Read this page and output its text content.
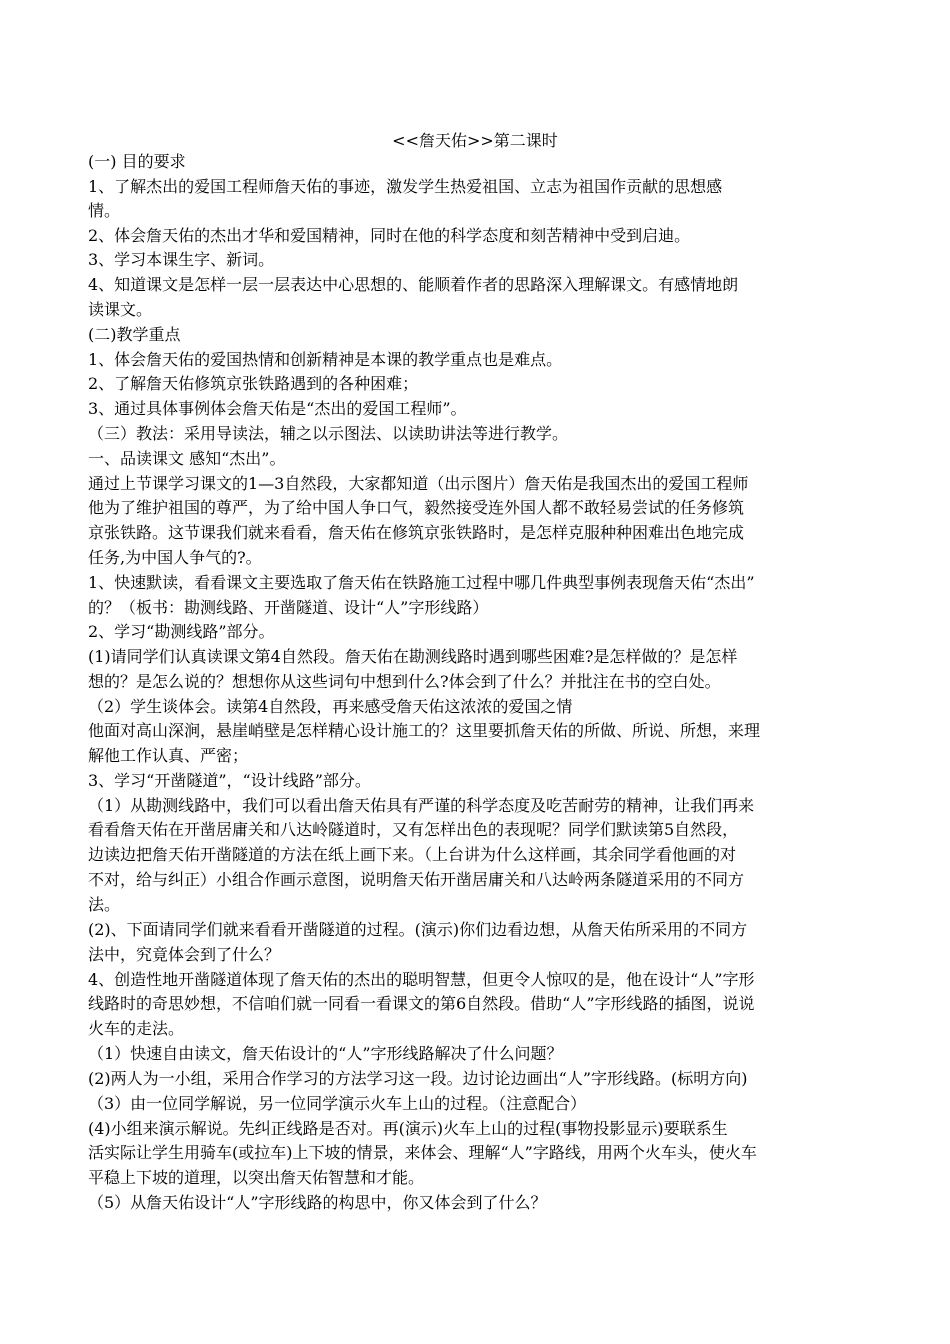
<<詹天佑>>第二课时
(一) 目的要求
1、了解杰出的爱国工程师詹天佑的事迹，激发学生热爱祖国、立志为祖国作贡献的思想感
情。
2、体会詹天佑的杰出才华和爱国精神，同时在他的科学态度和刻苦精神中受到启迪。
3、学习本课生字、新词。
4、知道课文是怎样一层一层表达中心思想的、能顺着作者的思路深入理解课文。有感情地朗
读课文。
(二)教学重点
1、体会詹天佑的爱国热情和创新精神是本课的教学重点也是难点。
2、了解詹天佑修筑京张铁路遇到的各种困难；
3、通过具体事例体会詹天佑是“杰出的爱国工程师”。
（三）教法：采用导读法，辅之以示图法、以读助讲法等进行教学。
一、品读课文 感知“杰出”。
通过上节课学习课文的1—3自然段，大家都知道（出示图片）詹天佑是我国杰出的爱国工程师
他为了维护祖国的尊严，为了给中国人争口气，毅然接受连外国人都不敢轻易尝试的任务修筑
京张铁路。这节课我们就来看看，詹天佑在修筑京张铁路时，是怎样克服种种困难出色地完成
任务,为中国人争气的?。
1、快速默读，看看课文主要选取了詹天佑在铁路施工过程中哪几件典型事例表现詹天佑“杰出”
的？（板书：勘测线路、开凿隧道、设计“人”字形线路）
2、学习“勘测线路”部分。
(1)请同学们认真读课文第4自然段。詹天佑在勘测线路时遇到哪些困难?是怎样做的？是怎样
想的？是怎么说的？想想你从这些词句中想到什么?体会到了什么？并批注在书的空白处。
（2）学生谈体会。读第4自然段，再来感受詹天佑这浓浓的爱国之情
他面对高山深涧，悬崖峭壁是怎样精心设计施工的？这里要抓詹天佑的所做、所说、所想，来理
解他工作认真、严密；
3、学习“开凿隧道”，“设计线路”部分。
（1）从勘测线路中，我们可以看出詹天佑具有严谨的科学态度及吃苦耐劳的精神，让我们再来
看看詹天佑在开凿居庸关和八达岭隧道时，又有怎样出色的表现呢？同学们默读第5自然段，
边读边把詹天佑开凿隧道的方法在纸上画下来。（上台讲为什么这样画，其余同学看他画的对
不对，给与纠正）小组合作画示意图，说明詹天佑开凿居庸关和八达岭两条隧道采用的不同方
法。
(2)、下面请同学们就来看看开凿隧道的过程。(演示)你们边看边想，从詹天佑所采用的不同方
法中，究竟体会到了什么？
4、创造性地开凿隧道体现了詹天佑的杰出的聪明智慧，但更令人惊叹的是，他在设计“人”字形
线路时的奇思妙想，不信咱们就一同看一看课文的第6自然段。借助“人”字形线路的插图，说说
火车的走法。
（1）快速自由读文，詹天佑设计的“人”字形线路解决了什么问题？
(2)两人为一小组，采用合作学习的方法学习这一段。边讨论边画出“人”字形线路。(标明方向)
（3）由一位同学解说，另一位同学演示火车上山的过程。（注意配合）
(4)小组来演示解说。先纠正线路是否对。再(演示)火车上山的过程(事物投影显示)要联系生
活实际让学生用骑车(或拉车)上下坡的情景，来体会、理解“人”字路线，用两个火车头，使火车
平稳上下坡的道理，以突出詹天佑智慧和才能。
（5）从詹天佑设计“人”字形线路的构思中，你又体会到了什么？
